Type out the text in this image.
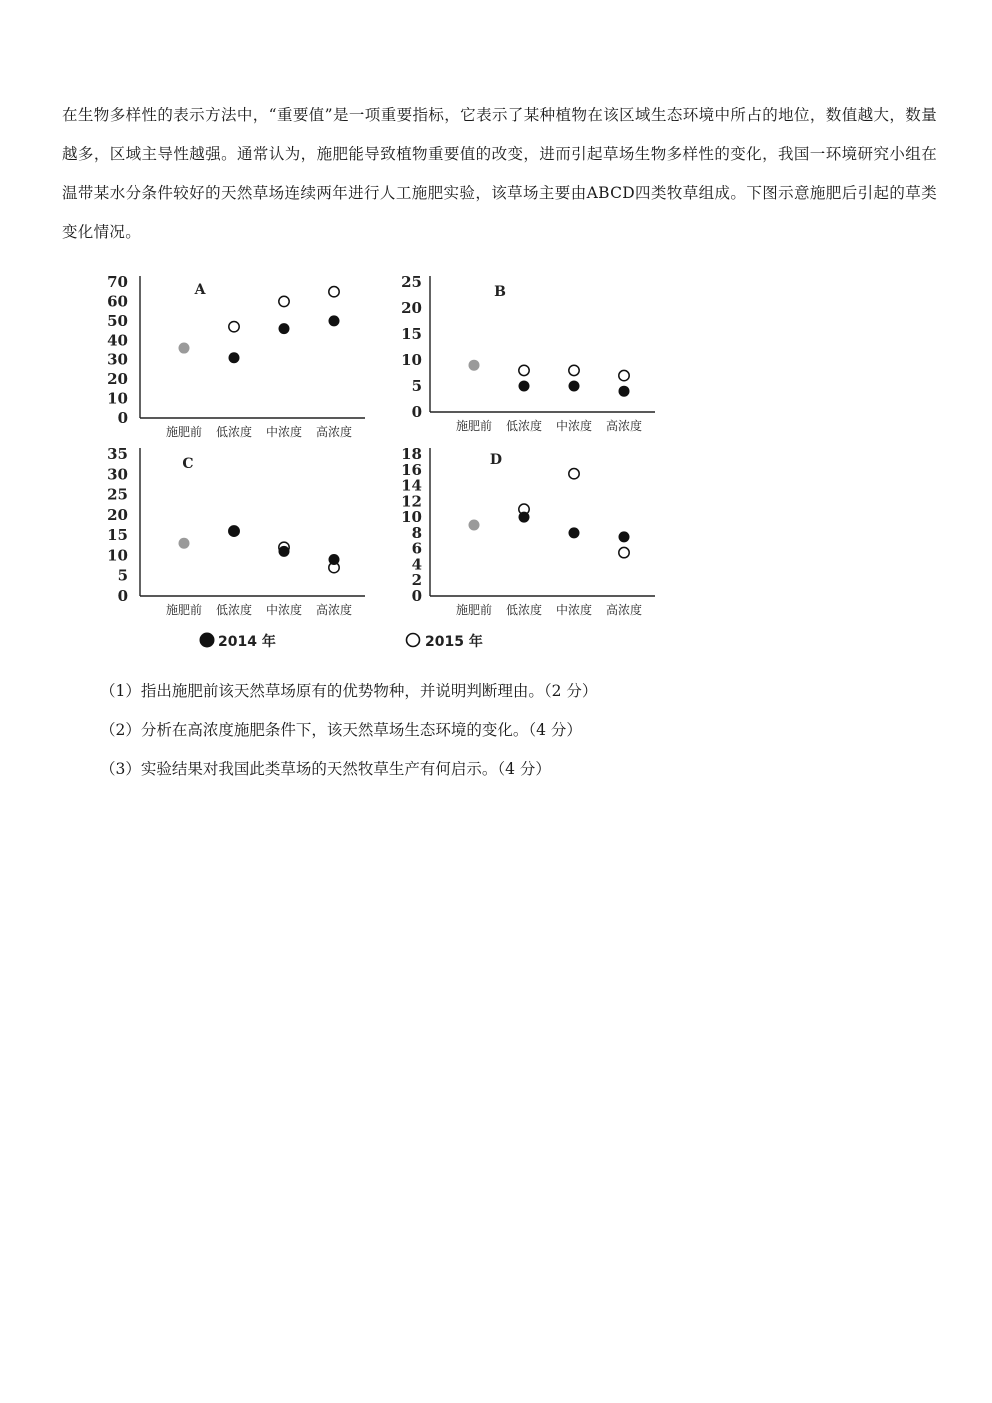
在生物多样性的表示方法中，“重要值”是一项重要指标，它表示了某种植物在该区域生态环境中所占的地位，数值越大，数量越多，区域主导性越强。通常认为，施肥能导致植物重要值的改变，进而引起草场生物多样性的变化，我国一环境研究小组在温带某水分条件较好的天然草场连续两年进行人工施肥实验，该草场主要由ABCD四类牧草组成。下图示意施肥后引起的草类变化情况。
0
10
20
30
40
50
60
70
施肥前 低浓度 中浓度 高浓度
A
0
5
10
15
20
25
施肥前 低浓度 中浓度 高浓度
B
0
5
10
15
20
25
30
35
施肥前 低浓度 中浓度 高浓度
C
0
2
4
6
8
10
12
14
16
18
施肥前 低浓度 中浓度 高浓度
D
2014 年	2015 年
（1）指出施肥前该天然草场原有的优势物种，并说明判断理由。（2 分）
（2）分析在高浓度施肥条件下，该天然草场生态环境的变化。（4 分）
（3）实验结果对我国此类草场的天然牧草生产有何启示。（4 分）
